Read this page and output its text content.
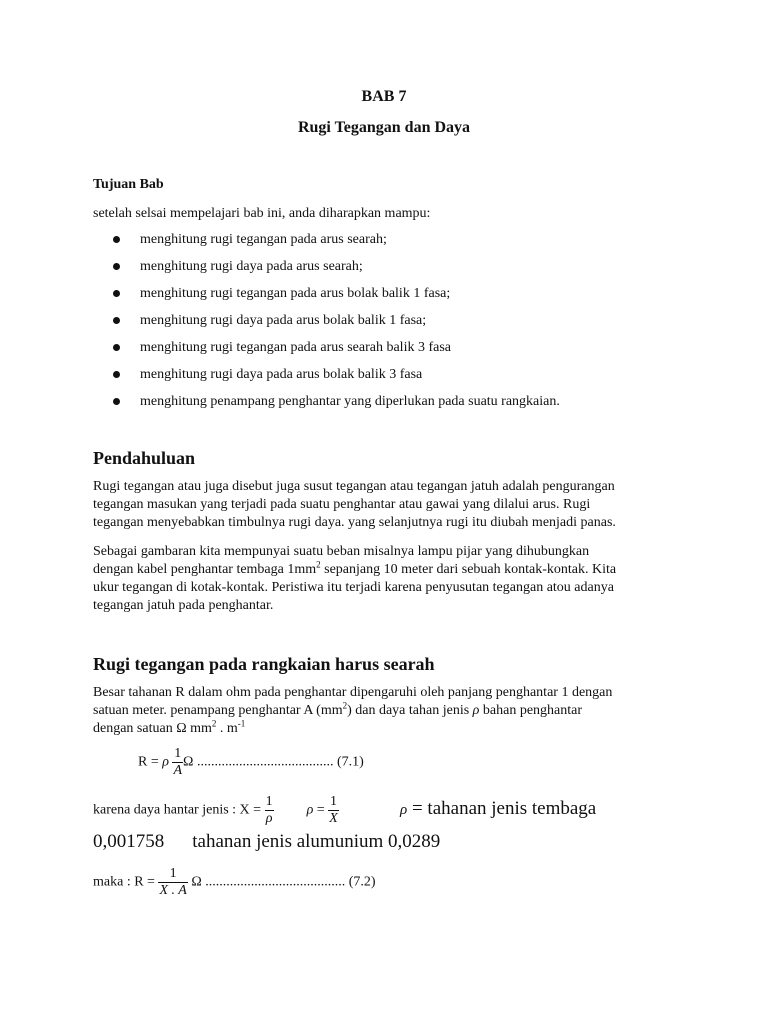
BAB 7
Rugi Tegangan dan Daya
Tujuan Bab
setelah selsai mempelajari bab ini, anda diharapkan mampu:
menghitung rugi tegangan pada arus searah;
menghitung rugi daya pada arus searah;
menghitung rugi tegangan pada arus bolak balik 1 fasa;
menghitung rugi daya pada arus bolak balik 1 fasa;
menghitung rugi tegangan pada arus searah balik 3 fasa
menghitung rugi daya pada arus bolak balik 3 fasa
menghitung penampang penghantar yang diperlukan pada suatu rangkaian.
Pendahuluan

Rugi tegangan atau juga disebut juga susut tegangan atau tegangan jatuh adalah pengurangan

tegangan masukan yang terjadi pada suatu penghantar atau gawai yang dilalui arus. Rugi

tegangan menyebabkan timbulnya rugi daya. yang selanjutnya rugi itu diubah menjadi panas.

Sebagai gambaran kita mempunyai suatu beban misalnya lampu pijar yang dihubungkan

dengan kabel penghantar tembaga $1mm^2$ sepanjang 10 meter dari sebuah kontak-kontak. Kita

ukur tegangan di kotak-kontak. Peristiwa itu terjadi karena penyusutan tegangan atou adanya

tegangan jatuh pada penghantar.

Rugi tegangan pada rangkaian harus searah

Besar tahanan R dalam ohm pada penghantar dipengaruhi oleh panjang penghantar 1 dengan

satuan meter. penampang penghantar A $(mm^2)$ dan daya tahan jenis ρ bahan penghantar

dengan satuan Ω $mm^2$ . $m^{-1}$

R = ρ $\frac{1}{A}$ Ω ....................................... (7.1)
karena daya hantar jenis : $X = \frac{1}{\rho}$ $\rho = \frac{1}{X}$	ρ = tahanan jenis tembaga
0,001758 tahanan jenis alumunium 0,0289
maka : $R = \frac{1}{X . A}$ Ω ........................................ (7.2)
